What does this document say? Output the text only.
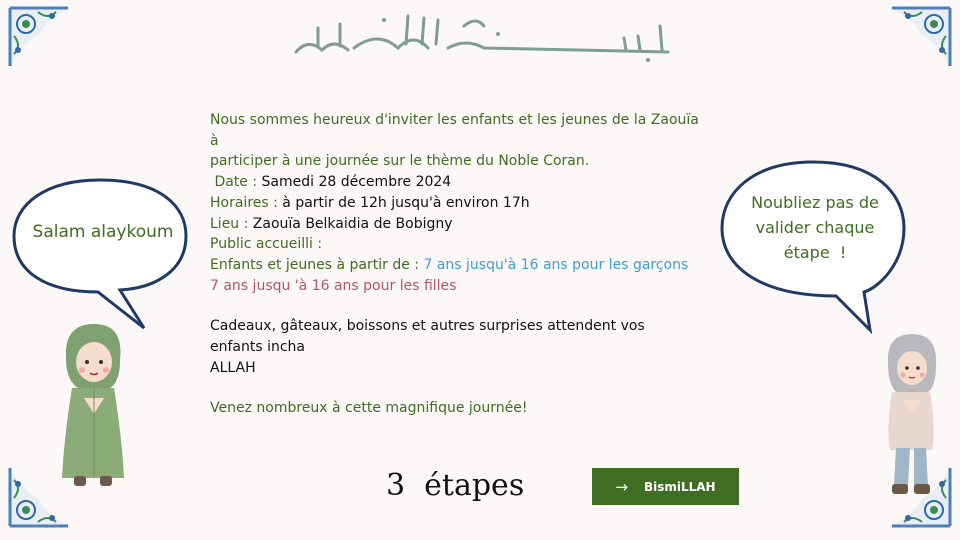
Nous sommes heureux d'inviter les enfants et les jeunes de la Zaouïa à

participer à une journée sur le thème du Noble Coran.

Date : Samedi 28 décembre 2024

Horaires : à partir de 12h jusqu'à environ 17h

Lieu : Zaouïa Belkaidia de Bobigny

Public accueilli :

Enfants et jeunes à partir de : 7 ans jusqu'à 16 ans pour les garçons

7 ans jusqu 'à 16 ans pour les filles

Cadeaux, gâteaux, boissons et autres surprises attendent vos enfants incha

ALLAH

Venez nombreux à cette magnifique journée!

Salam alaykoum
Noubliez pas de
valider chaque
étape  !
3  étapes	→ BismiLLAH
